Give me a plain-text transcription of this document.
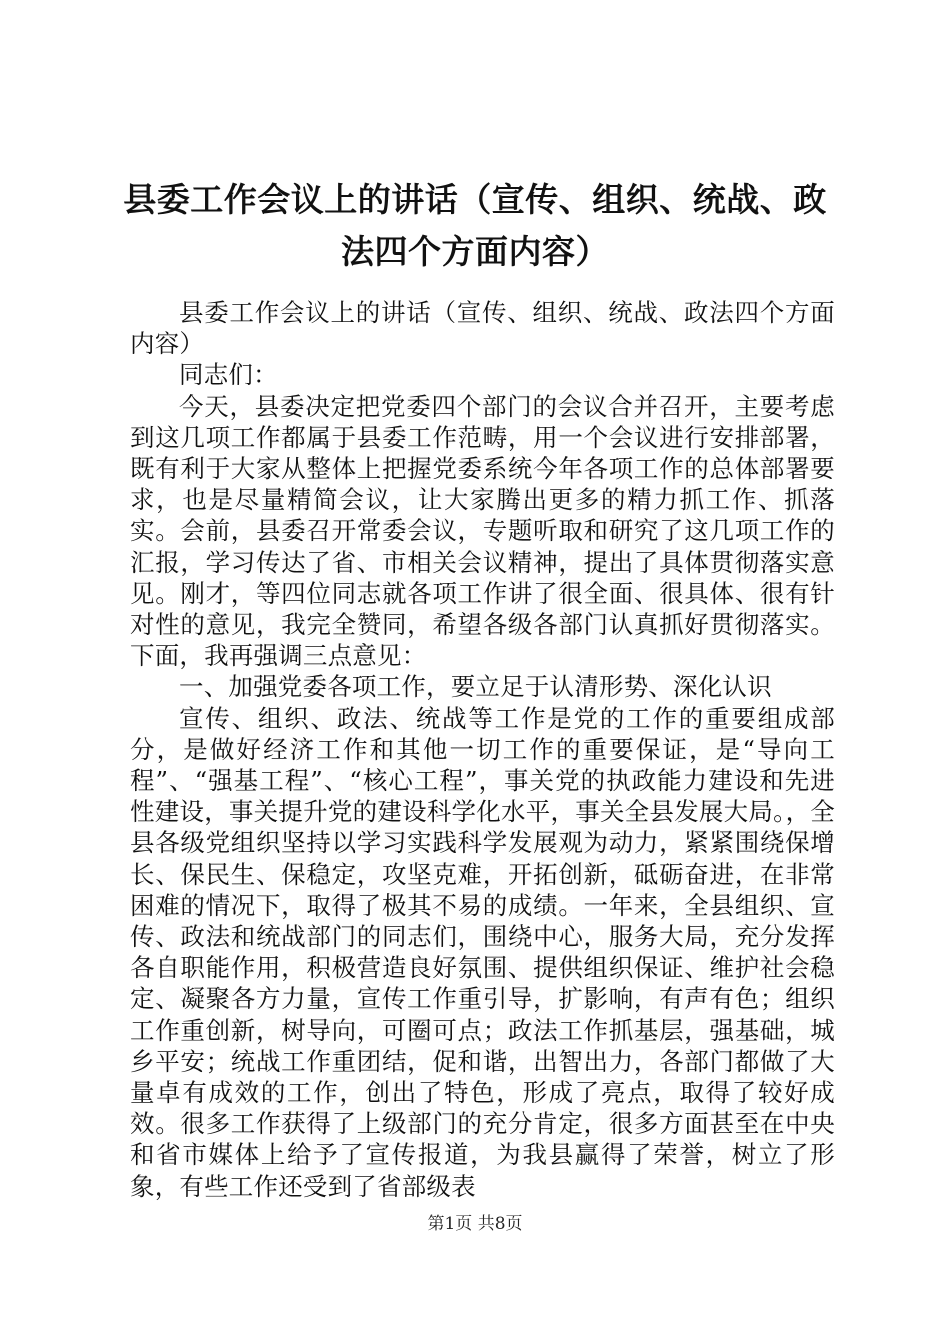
县委工作会议上的讲话（宣传、组织、统战、政法四个方面内容）

县委工作会议上的讲话（宣传、组织、统战、政法四个方面内容）

同志们：

今天，县委决定把党委四个部门的会议合并召开，主要考虑到这几项工作都属于县委工作范畴，用一个会议进行安排部署，既有利于大家从整体上把握党委系统今年各项工作的总体部署要求，也是尽量精简会议，让大家腾出更多的精力抓工作、抓落实。会前，县委召开常委会议，专题听取和研究了这几项工作的汇报，学习传达了省、市相关会议精神，提出了具体贯彻落实意见。刚才，等四位同志就各项工作讲了很全面、很具体、很有针对性的意见，我完全赞同，希望各级各部门认真抓好贯彻落实。下面，我再强调三点意见：

一、加强党委各项工作，要立足于认清形势、深化认识

宣传、组织、政法、统战等工作是党的工作的重要组成部分，是做好经济工作和其他一切工作的重要保证，是“导向工程”、“强基工程”、“核心工程”，事关党的执政能力建设和先进性建设，事关提升党的建设科学化水平，事关全县发展大局。，全县各级党组织坚持以学习实践科学发展观为动力，紧紧围绕保增长、保民生、保稳定，攻坚克难，开拓创新，砥砺奋进，在非常困难的情况下，取得了极其不易的成绩。一年来，全县组织、宣传、政法和统战部门的同志们，围绕中心，服务大局，充分发挥各自职能作用，积极营造良好氛围、提供组织保证、维护社会稳定、凝聚各方力量，宣传工作重引导，扩影响，有声有色；组织工作重创新，树导向，可圈可点；政法工作抓基层，强基础，城乡平安；统战工作重团结，促和谐，出智出力，各部门都做了大量卓有成效的工作，创出了特色，形成了亮点，取得了较好成效。很多工作获得了上级部门的充分肯定，很多方面甚至在中央和省市媒体上给予了宣传报道，为我县赢得了荣誉，树立了形象，有些工作还受到了省部级表

第1页 共8页
